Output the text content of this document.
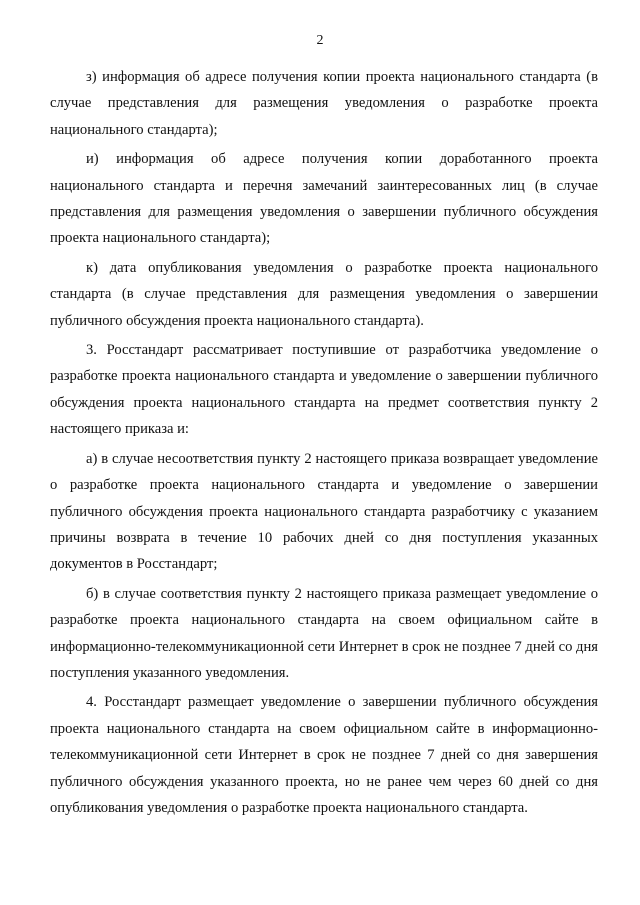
2

з) информация об адресе получения копии проекта национального стандарта (в случае представления для размещения уведомления о разработке проекта национального стандарта);

и) информация об адресе получения копии доработанного проекта национального стандарта и перечня замечаний заинтересованных лиц (в случае представления для размещения уведомления о завершении публичного обсуждения проекта национального стандарта);

к) дата опубликования уведомления о разработке проекта национального стандарта (в случае представления для размещения уведомления о завершении публичного обсуждения проекта национального стандарта).

3. Росстандарт рассматривает поступившие от разработчика уведомление о разработке проекта национального стандарта и уведомление о завершении публичного обсуждения проекта национального стандарта на предмет соответствия пункту 2 настоящего приказа и:

а) в случае несоответствия пункту 2 настоящего приказа возвращает уведомление о разработке проекта национального стандарта и уведомление о завершении публичного обсуждения проекта национального стандарта разработчику с указанием причины возврата в течение 10 рабочих дней со дня поступления указанных документов в Росстандарт;

б) в случае соответствия пункту 2 настоящего приказа размещает уведомление о разработке проекта национального стандарта на своем официальном сайте в информационно-телекоммуникационной сети Интернет в срок не позднее 7 дней со дня поступления указанного уведомления.

4. Росстандарт размещает уведомление о завершении публичного обсуждения проекта национального стандарта на своем официальном сайте в информационно-телекоммуникационной сети Интернет в срок не позднее 7 дней со дня завершения публичного обсуждения указанного проекта, но не ранее чем через 60 дней со дня опубликования уведомления о разработке проекта национального стандарта.
